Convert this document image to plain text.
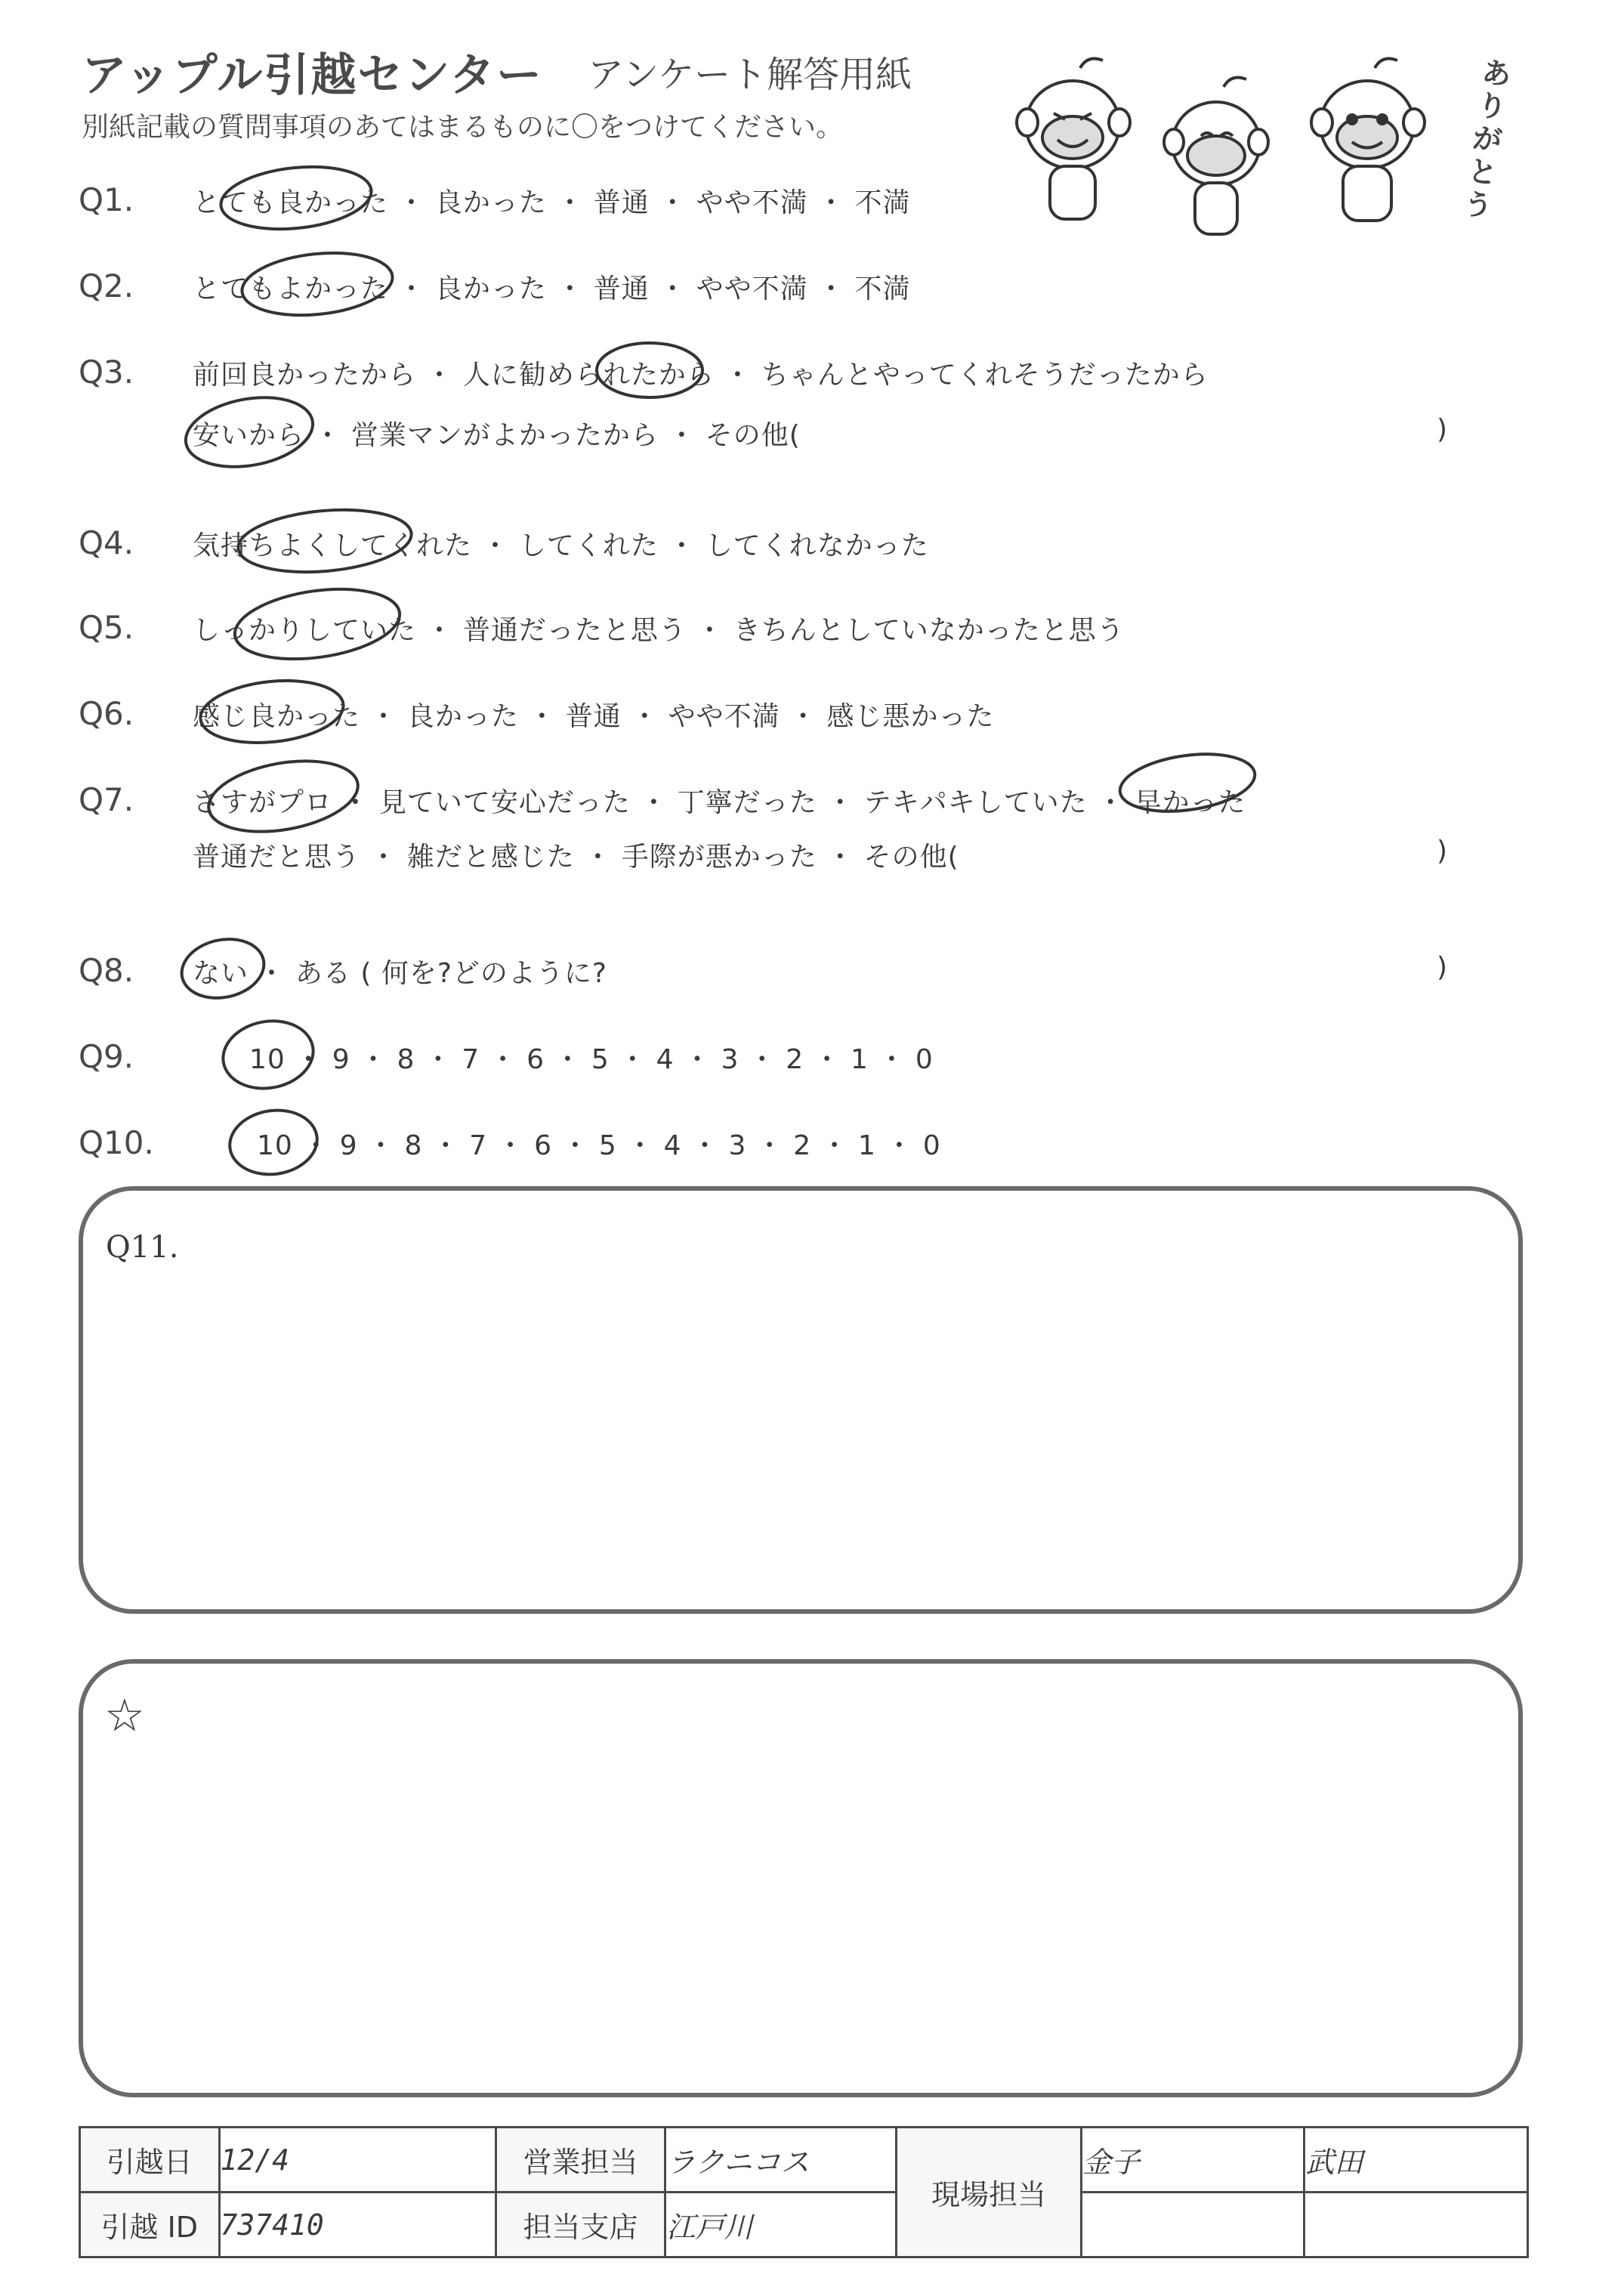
アップル引越センター アンケート解答用紙
別紙記載の質問事項のあてはまるものに〇をつけてください。
ありがとう
Q1. とても良かった ・ 良かった ・ 普通 ・ やや不満 ・ 不満
Q2. とてもよかった ・ 良かった ・ 普通 ・ やや不満 ・ 不満
Q3. 前回良かったから ・ 人に勧められたから ・ ちゃんとやってくれそうだったから
安いから ・ 営業マンがよかったから ・ その他(	)
Q4. 気持ちよくしてくれた ・ してくれた ・ してくれなかった
Q5. しっかりしていた ・ 普通だったと思う ・ きちんとしていなかったと思う
Q6. 感じ良かった ・ 良かった ・ 普通 ・ やや不満 ・ 感じ悪かった
Q7. さすがプロ ・ 見ていて安心だった ・ 丁寧だった ・ テキパキしていた ・ 早かった
普通だと思う ・ 雑だと感じた ・ 手際が悪かった ・ その他(	)
Q8. ない ・ ある ( 何を?どのように?	)
Q9.	10 ・ 9 ・ 8 ・ 7 ・ 6 ・ 5 ・ 4 ・ 3 ・ 2 ・ 1 ・ 0
Q10.	10 ・ 9 ・ 8 ・ 7 ・ 6 ・ 5 ・ 4 ・ 3 ・ 2 ・ 1 ・ 0
Q11.
☆
引越日	12/4	営業担当	ラクニコス	現場担当	金子	武田
引越 ID	737410	担当支店	江戸川			
